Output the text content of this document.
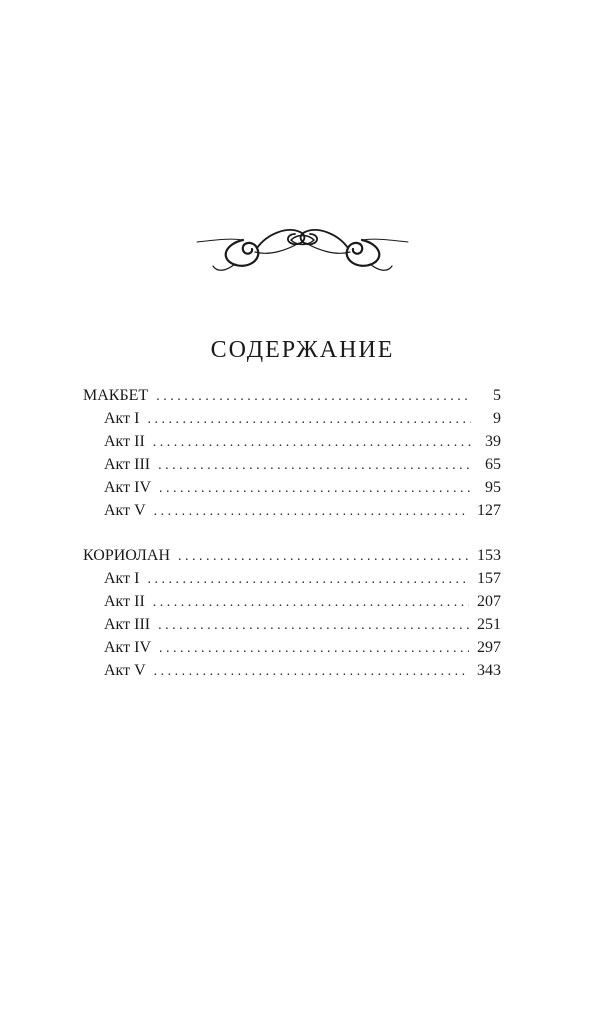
СОДЕРЖАНИЕ
МАКБЕТ . . .	5
Акт I . . .	9
Акт II . . .	39
Акт III . . .	65
Акт IV . . .	95
Акт V . . .	127
КОРИОЛАН . . .	153
Акт I . . .	157
Акт II . . .	207
Акт III . . .	251
Акт IV . . .	297
Акт V . . .	343
